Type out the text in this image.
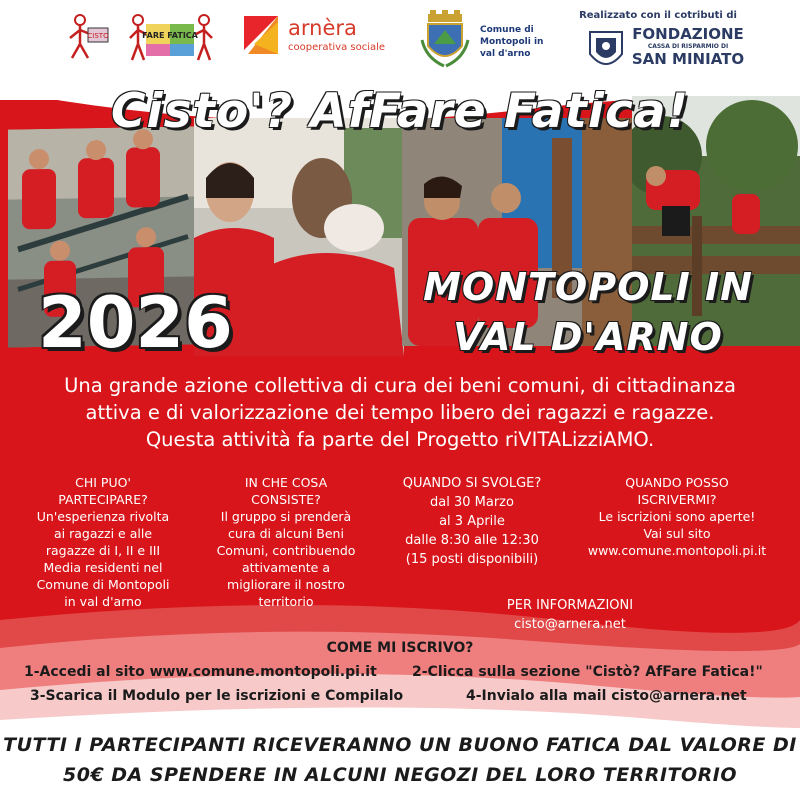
CISTO	FARE FATICA	arnèra
cooperativa sociale
Comune di
Montopoli in
val d'arno
Realizzato con il cotributi di
FONDAZIONE
CASSA DI RISPARMIO DI
SAN MINIATO
Cisto'? AfFare Fatica!
2026	MONTOPOLI IN
VAL D'ARNO
Una grande azione collettiva di cura dei beni comuni, di cittadinanza
attiva e di valorizzazione dei tempo libero dei ragazzi e ragazze.
Questa attività fa parte del Progetto riVITALizziAMO.
CHI PUO'
PARTECIPARE?
Un'esperienza rivolta
ai ragazzi e alle
ragazze di I, II e III
Media residenti nel
Comune di Montopoli
in val d'arno
IN CHE COSA
CONSISTE?
Il gruppo si prenderà
cura di alcuni Beni
Comuni, contribuendo
attivamente a
migliorare il nostro
territorio
QUANDO SI SVOLGE?
dal 30 Marzo
al 3 Aprile
dalle 8:30 alle 12:30
(15 posti disponibili)
QUANDO POSSO
ISCRIVERMI?
Le iscrizioni sono aperte!
Vai sul sito
www.comune.montopoli.pi.it
PER INFORMAZIONI
cisto@arnera.net
COME MI ISCRIVO?
1-Accedi al sito www.comune.montopoli.pi.it	2-Clicca sulla sezione "Cistò? AfFare Fatica!"
3-Scarica il Modulo per le iscrizioni e Compilalo	4-Invialo alla mail cisto@arnera.net
TUTTI I PARTECIPANTI RICEVERANNO UN BUONO FATICA DAL VALORE DI
50€ DA SPENDERE IN ALCUNI NEGOZI DEL LORO TERRITORIO
